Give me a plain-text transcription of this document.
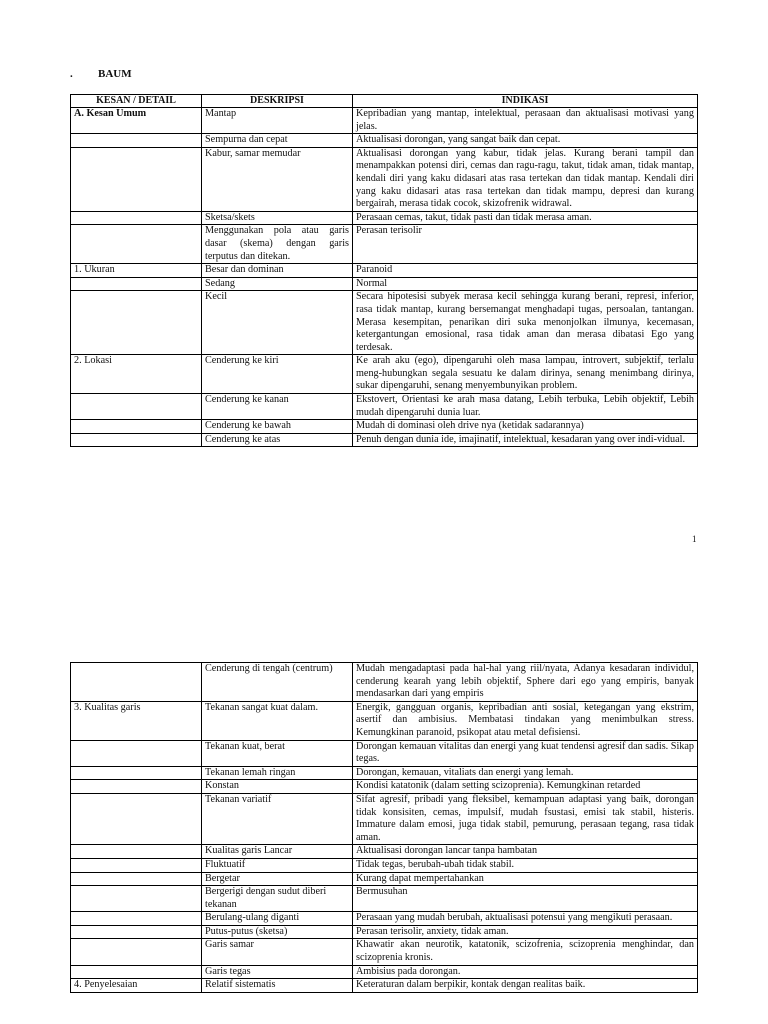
. BAUM
KESAN / DETAIL	DESKRIPSI	INDIKASI
A. Kesan Umum	Mantap	Kepribadian yang mantap, intelektual, perasaan dan aktualisasi motivasi yang jelas.
	Sempurna dan cepat	Aktualisasi dorongan, yang sangat baik dan cepat.
	Kabur, samar memudar	Aktualisasi dorongan yang kabur, tidak jelas. Kurang berani tampil dan menampakkan potensi diri, cemas dan ragu-ragu, takut, tidak aman, tidak mantap, kendali diri yang kaku didasari atas rasa tertekan dan tidak mantap. Kendali diri yang kaku didasari atas rasa tertekan dan tidak mampu, depresi dan kurang bergairah, merasa tidak cocok, skizofrenik widrawal.
	Sketsa/skets	Perasaan cemas, takut, tidak pasti dan tidak merasa aman.
	Menggunakan pola atau garis dasar (skema) dengan garis terputus dan ditekan.	Perasan terisolir
1. Ukuran	Besar dan dominan	Paranoid
	Sedang	Normal
	Kecil	Secara hipotesisi subyek merasa kecil sehingga kurang berani, represi, inferior, rasa tidak mantap, kurang bersemangat menghadapi tugas, persoalan, tantangan. Merasa kesempitan, penarikan diri suka menonjolkan ilmunya, kecemasan, ketergantungan emosional, rasa tidak aman dan merasa dibatasi Ego yang terdesak.
2. Lokasi	Cenderung ke kiri	Ke arah aku (ego), dipengaruhi oleh masa lampau, introvert, subjektif, terlalu meng-hubungkan segala sesuatu ke dalam dirinya, senang menimbang dirinya, sukar dipengaruhi, senang menyembunyikan problem.
	Cenderung ke kanan	Ekstovert, Orientasi ke arah masa datang, Lebih terbuka, Lebih objektif, Lebih mudah dipengaruhi dunia luar.
	Cenderung ke bawah	Mudah di dominasi oleh drive nya (ketidak sadarannya)
	Cenderung ke atas	Penuh dengan dunia ide, imajinatif, intelektual, kesadaran yang over indi-vidual.
1
	Cenderung di tengah (centrum)	Mudah mengadaptasi pada hal-hal yang riil/nyata, Adanya kesadaran individul, cenderung kearah yang lebih objektif, Sphere dari ego yang empiris, banyak mendasarkan dari yang empiris
3. Kualitas garis	Tekanan sangat kuat dalam.	Energik, gangguan organis, kepribadian anti sosial, ketegangan yang ekstrim, asertif dan ambisius. Membatasi tindakan yang menimbulkan stress. Kemungkinan paranoid, psikopat atau metal defisiensi.
	Tekanan kuat, berat	Dorongan kemauan vitalitas dan energi yang kuat tendensi agresif dan sadis. Sikap tegas.
	Tekanan lemah ringan	Dorongan, kemauan, vitaliats dan energi yang lemah.
	Konstan	Kondisi katatonik (dalam setting scizoprenia). Kemungkinan retarded
	Tekanan variatif	Sifat agresif, pribadi yang fleksibel, kemampuan adaptasi yang baik, dorongan tidak konsisiten, cemas, impulsif, mudah fsustasi, emisi tak stabil, histeris. Immature dalam emosi, juga tidak stabil, pemurung, perasaan tegang, rasa tidak aman.
	Kualitas garis Lancar	Aktualisasi dorongan lancar tanpa hambatan
	Fluktuatif	Tidak tegas, berubah-ubah tidak stabil.
	Bergetar	Kurang dapat mempertahankan
	Bergerigi dengan sudut diberi tekanan	Bermusuhan
	Berulang-ulang diganti	Perasaan yang mudah berubah, aktualisasi potensui yang mengikuti perasaan.
	Putus-putus (sketsa)	Perasan terisolir, anxiety, tidak aman.
	Garis samar	Khawatir akan neurotik, katatonik, scizofrenia, scizoprenia menghindar, dan scizoprenia kronis.
	Garis tegas	Ambisius pada dorongan.
4. Penyelesaian	Relatif sistematis	Keteraturan dalam berpikir, kontak dengan realitas baik.
